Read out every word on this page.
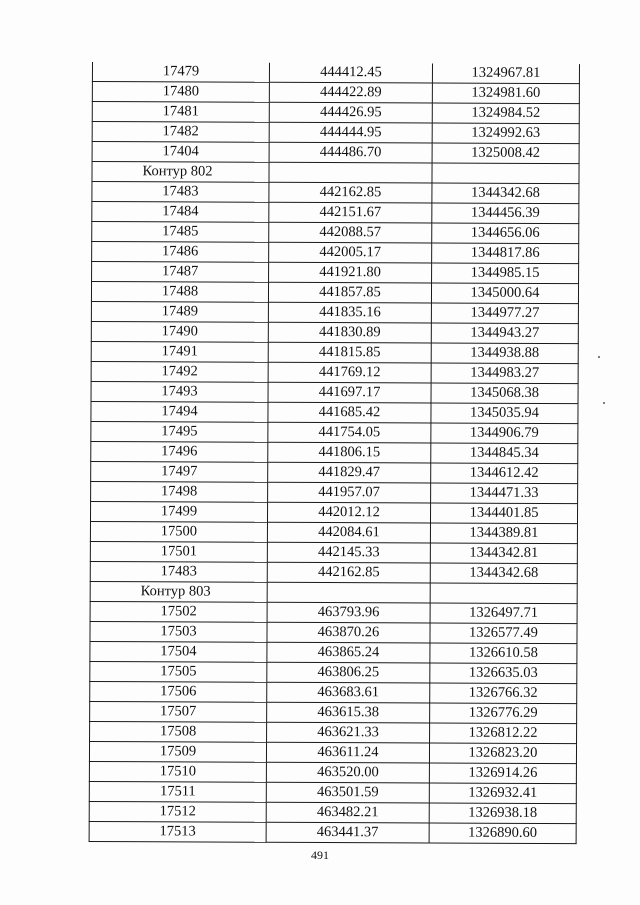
17479	444412.45	1324967.81
17480	444422.89	1324981.60
17481	444426.95	1324984.52
17482	444444.95	1324992.63
17404	444486.70	1325008.42
Контур 802		
17483	442162.85	1344342.68
17484	442151.67	1344456.39
17485	442088.57	1344656.06
17486	442005.17	1344817.86
17487	441921.80	1344985.15
17488	441857.85	1345000.64
17489	441835.16	1344977.27
17490	441830.89	1344943.27
17491	441815.85	1344938.88
17492	441769.12	1344983.27
17493	441697.17	1345068.38
17494	441685.42	1345035.94
17495	441754.05	1344906.79
17496	441806.15	1344845.34
17497	441829.47	1344612.42
17498	441957.07	1344471.33
17499	442012.12	1344401.85
17500	442084.61	1344389.81
17501	442145.33	1344342.81
17483	442162.85	1344342.68
Контур 803		
17502	463793.96	1326497.71
17503	463870.26	1326577.49
17504	463865.24	1326610.58
17505	463806.25	1326635.03
17506	463683.61	1326766.32
17507	463615.38	1326776.29
17508	463621.33	1326812.22
17509	463611.24	1326823.20
17510	463520.00	1326914.26
17511	463501.59	1326932.41
17512	463482.21	1326938.18
17513	463441.37	1326890.60
491
